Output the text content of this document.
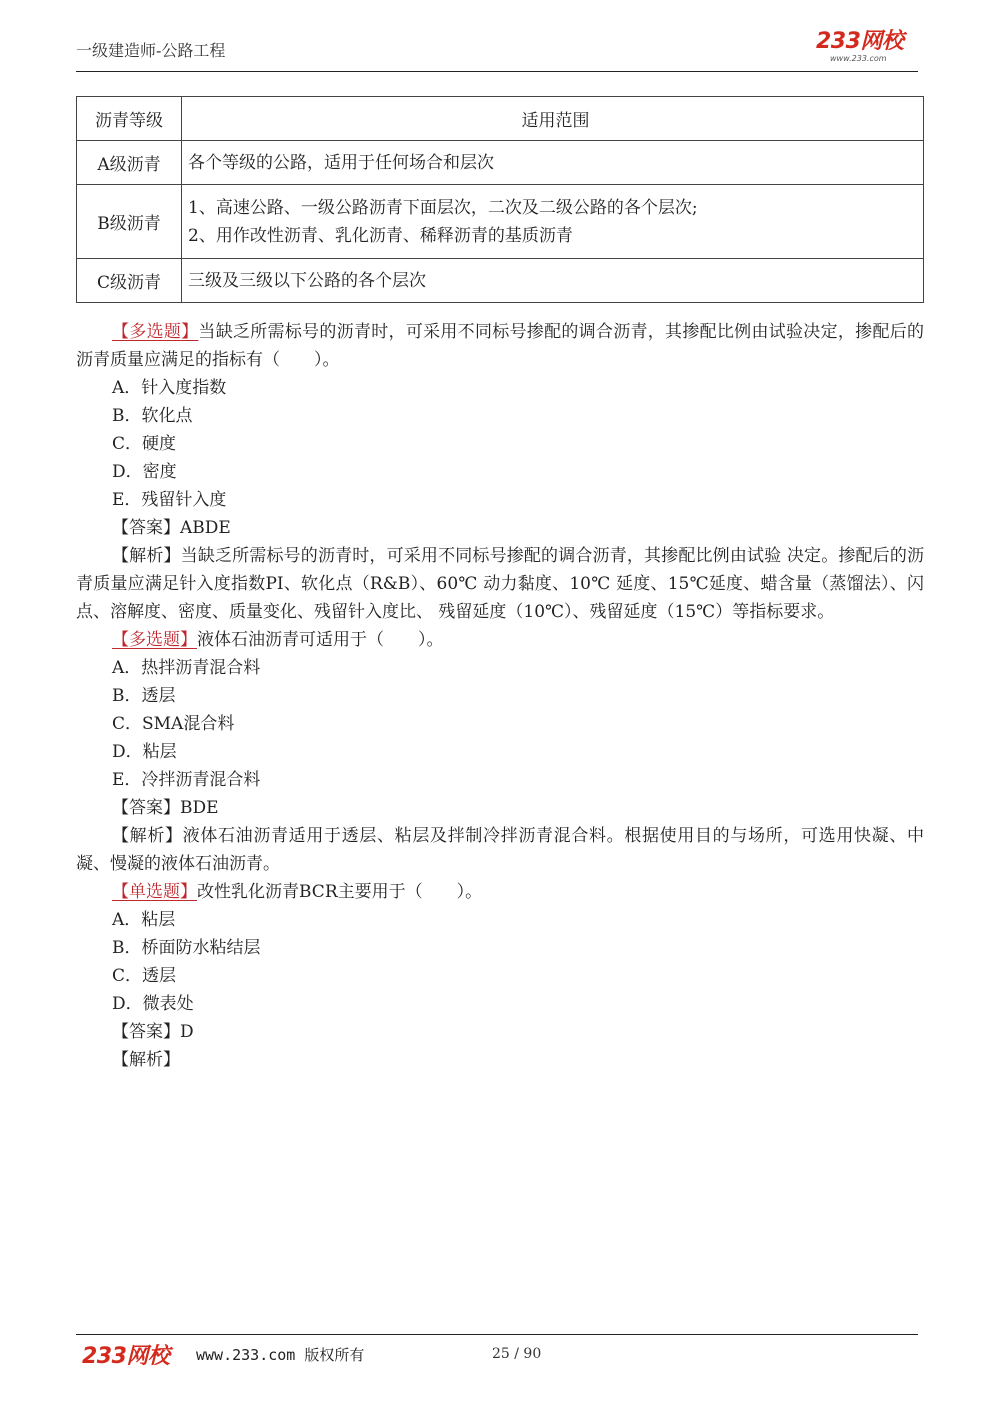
一级建造师-公路工程	233网校
www.233.com
沥青等级	适用范围
A级沥青	各个等级的公路，适用于任何场合和层次

B级沥青	1、高速公路、一级公路沥青下面层次，二次及二级公路的各个层次;
2、用作改性沥青、乳化沥青、稀释沥青的基质沥青

C级沥青	三级及三级以下公路的各个层次

【多选题】当缺乏所需标号的沥青时，可采用不同标号掺配的调合沥青，其掺配比例由试验决定，掺配后的沥青质量应满足的指标有（　　）。

A．针入度指数

B．软化点

C．硬度

D．密度

E．残留针入度

【答案】ABDE

【解析】当缺乏所需标号的沥青时，可采用不同标号掺配的调合沥青，其掺配比例由试验 决定。掺配后的沥青质量应满足针入度指数PI、软化点（R&B）、60℃ 动力黏度、10℃ 延度、15℃延度、蜡含量（蒸馏法）、闪点、溶解度、密度、质量变化、残留针入度比、 残留延度（10℃）、残留延度（15℃）等指标要求。

【多选题】液体石油沥青可适用于（　　）。

A．热拌沥青混合料

B．透层

C．SMA混合料

D．粘层

E．冷拌沥青混合料

【答案】BDE

【解析】液体石油沥青适用于透层、粘层及拌制冷拌沥青混合料。根据使用目的与场所，可选用快凝、中凝、慢凝的液体石油沥青。

【单选题】改性乳化沥青BCR主要用于（　　）。

A．粘层

B．桥面防水粘结层

C．透层

D．微表处

【答案】D

【解析】

233网校 www.233.com 版权所有	25 / 90
